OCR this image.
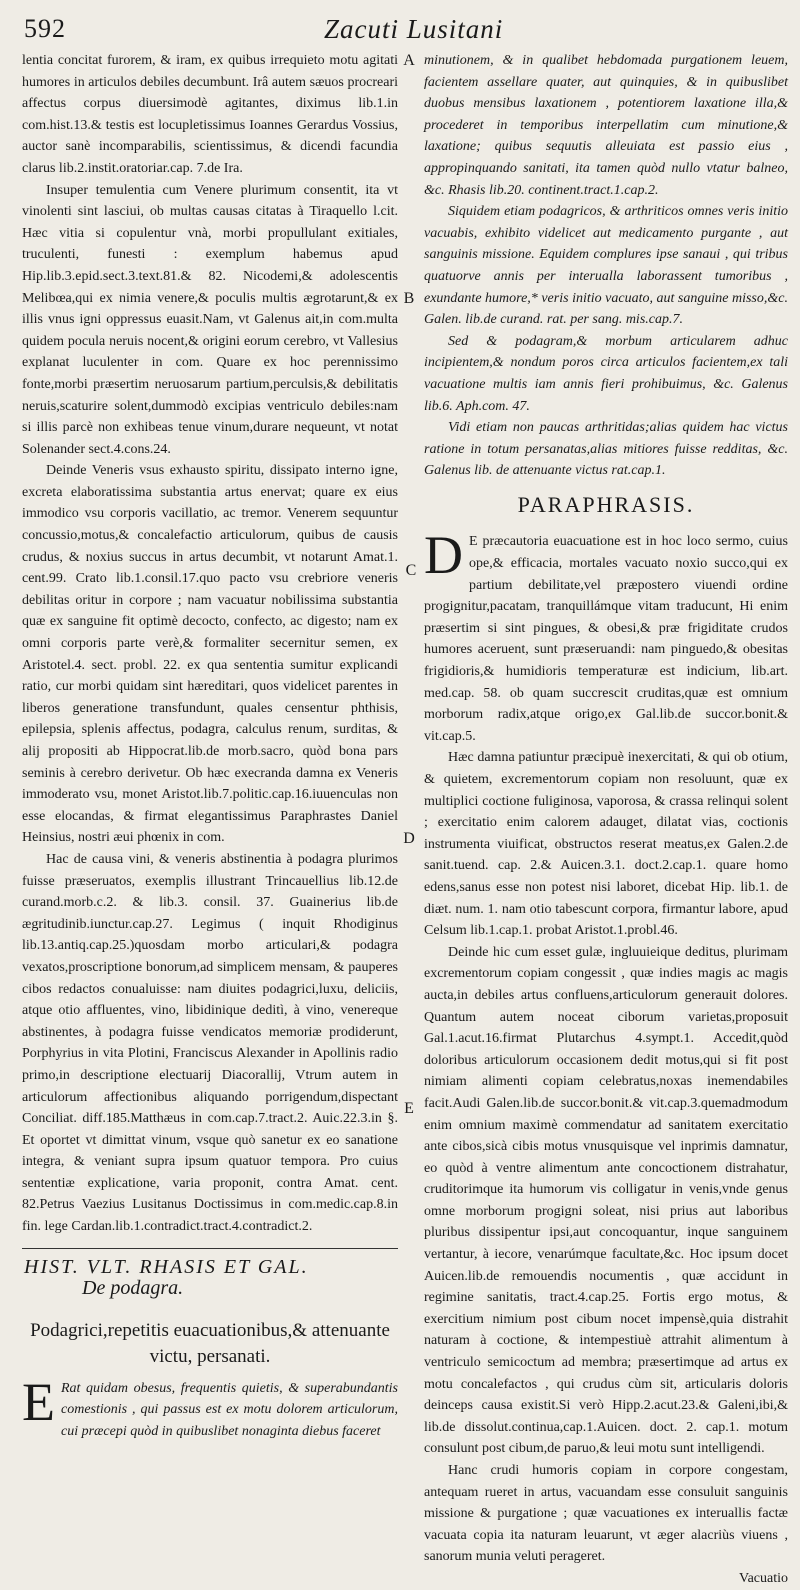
592	Zacuti Lusitani
A
B
C
D
E

lentia concitat furorem, & iram, ex quibus irrequieto motu agitati humores in articulos debiles decumbunt. Irâ autem sæuos procreari affectus corpus diuersimodè agitantes, diximus lib.1.in com.hist.13.& testis est locupletissimus Ioannes Gerardus Vossius, auctor sanè incomparabilis, scientissimus, & dicendi facundia clarus lib.2.instit.oratoriar.cap. 7.de Ira.

Insuper temulentia cum Venere plurimum consentit, ita vt vinolenti sint lasciui, ob multas causas citatas à Tiraquello l.cit. Hæc vitia si copulentur vnà, morbi propullulant exitiales, truculenti, funesti : exemplum habemus apud Hip.lib.3.epid.sect.3.text.81.& 82. Nicodemi,& adolescentis Melibœa,qui ex nimia venere,& poculis multis ægrotarunt,& ex illis vnus igni oppressus euasit.Nam, vt Galenus ait,in com.multa quidem pocula neruis nocent,& origini eorum cerebro, vt Vallesius explanat luculenter in com. Quare ex hoc perennissimo fonte,morbi præsertim neruosarum partium,perculsis,& debilitatis neruis,scaturire solent,dummodò excipias ventriculo debiles:nam si illis parcè non exhibeas tenue vinum,durare nequeunt, vt notat Solenander sect.4.cons.24.

Deinde Veneris vsus exhausto spiritu, dissipato interno igne, excreta elaboratissima substantia artus enervat; quare ex eius immodico vsu corporis vacillatio, ac tremor. Venerem sequuntur concussio,motus,& concalefactio articulorum, quibus de causis crudus, & noxius succus in artus decumbit, vt notarunt Amat.1. cent.99. Crato lib.1.consil.17.quo pacto vsu crebriore veneris debilitas oritur in corpore ; nam vacuatur nobilissima substantia quæ ex sanguine fit optimè decocto, confecto, ac digesto; nam ex omni corporis parte verè,& formaliter secernitur semen, ex Aristotel.4. sect. probl. 22. ex qua sententia sumitur explicandi ratio, cur morbi quidam sint hæreditari, quos videlicet parentes in liberos generatione transfundunt, quales censentur phthisis, epilepsia, splenis affectus, podagra, calculus renum, surditas, & alij propositi ab Hippocrat.lib.de morb.sacro, quòd bona pars seminis à cerebro derivetur. Ob hæc execranda damna ex Veneris immoderato vsu, monet Aristot.lib.7.politic.cap.16.iuuenculas non esse elocandas, & firmat elegantissimus Paraphrastes Daniel Heinsius, nostri æui phœnix in com.

Hac de causa vini, & veneris abstinentia à podagra plurimos fuisse præseruatos, exemplis illustrant Trincauellius lib.12.de curand.morb.c.2. & lib.3. consil. 37. Guainerius lib.de ægritudinib.iunctur.cap.27. Legimus ( inquit Rhodiginus lib.13.antiq.cap.25.)quosdam morbo articulari,& podagra vexatos,proscriptione bonorum,ad simplicem mensam, & pauperes cibos redactos conualuisse: nam diuites podagrici,luxu, deliciis, atque otio affluentes, vino, libidinique deditì, à vino, venereque abstinentes, à podagra fuisse vendicatos memoriæ prodiderunt, Porphyrius in vita Plotini, Franciscus Alexander in Apollinis radio primo,in descriptione electuarij Diacorallij, Vtrum autem in articulorum affectionibus aliquando porrigendum,dispectant Conciliat. diff.185.Matthæus in com.cap.7.tract.2. Auic.22.3.in §. Et oportet vt dimittat vinum, vsque quò sanetur ex eo sanatione integra, & veniant supra ipsum quatuor tempora. Pro cuius sententiæ explicatione, varia proponit, contra Amat. cent. 82.Petrus Vaezius Lusitanus Doctissimus in com.medic.cap.8.in fin. lege Cardan.lib.1.contradict.tract.4.contradict.2.

HIST. VLT. RHASIS ET GAL.
De podagra.
Podagrici,repetitis euacuationibus,& attenuante victu, persanati.
E Rat quidam obesus, frequentis quietis, & superabundantis comestionis , qui passus est ex motu dolorem articulorum, cui præcepi quòd in quibuslibet nonaginta diebus faceret

minutionem, & in qualibet hebdomada purgationem leuem, facientem assellare quater, aut quinquies, & in quibuslibet duobus mensibus laxationem , potentiorem laxatione illa,& procederet in temporibus interpellatim cum minutione,& laxatione; quibus sequutis alleuiata est passio eius , appropinquando sanitati, ita tamen quòd nullo vtatur balneo, &c. Rhasis lib.20. continent.tract.1.cap.2.

Siquidem etiam podagricos, & arthriticos omnes veris initio vacuabis, exhibito videlicet aut medicamento purgante , aut sanguinis missione. Equidem complures ipse sanaui , qui tribus quatuorve annis per interualla laborassent tumoribus , exundante humore,* veris initio vacuato, aut sanguine misso,&c. Galen. lib.de curand. rat. per sang. mis.cap.7.

Sed & podagram,& morbum articularem adhuc incipientem,& nondum poros circa articulos facientem,ex tali vacuatione multis iam annis fieri prohibuimus, &c. Galenus lib.6. Aph.com. 47.

Vidi etiam non paucas arthritidas;alias quidem hac victus ratione in totum persanatas,alias mitiores fuisse redditas, &c. Galenus lib. de attenuante victus rat.cap.1.

PARAPHRASIS.
D E præcautoria euacuatione est in hoc loco sermo, cuius ope,& efficacia, mortales vacuato noxio succo,qui ex partium debilitate,vel præpostero viuendi ordine progignitur,pacatam, tranquillámque vitam traducunt, Hi enim præsertim si sint pingues, & obesi,& præ frigiditate crudos humores aceruent, sunt præseruandi: nam pinguedo,& obesitas frigidioris,& humidioris temperaturæ est indicium, lib.art. med.cap. 58. ob quam succrescit cruditas,quæ est omnium morborum radix,atque origo,ex Gal.lib.de succor.bonit.& vit.cap.5.

Hæc damna patiuntur præcipuè inexercitati, & qui ob otium, & quietem, excrementorum copiam non resoluunt, quæ ex multiplici coctione fuliginosa, vaporosa, & crassa relinqui solent ; exercitatio enim calorem adauget, dilatat vias, coctionis instrumenta viuificat, obstructos reserat meatus,ex Galen.2.de sanit.tuend. cap. 2.& Auicen.3.1. doct.2.cap.1. quare homo edens,sanus esse non potest nisi laboret, dicebat Hip. lib.1. de diæt. num. 1. nam otio tabescunt corpora, firmantur labore, apud Celsum lib.1.cap.1. probat Aristot.1.probl.46.

Deinde hic cum esset gulæ, ingluuieique deditus, plurimam excrementorum copiam congessit , quæ indies magis ac magis aucta,in debiles artus confluens,articulorum generauit dolores. Quantum autem noceat ciborum varietas,proposuit Gal.1.acut.16.firmat Plutarchus 4.sympt.1. Accedit,quòd doloribus articulorum occasionem dedit motus,qui si fit post nimiam alimenti copiam celebratus,noxas inemendabiles facit.Audi Galen.lib.de succor.bonit.& vit.cap.3.quemadmodum enim omnium maximè commendatur ad sanitatem exercitatio ante cibos,sicà cibis motus vnusquisque vel inprimis damnatur, eo quòd à ventre alimentum ante concoctionem distrahatur, cruditorimque ita humorum vis colligatur in venis,vnde genus omne morborum progigni soleat, nisi prius aut laboribus pluribus dissipentur ipsi,aut concoquantur, inque sanguinem vertantur, à iecore, venarúmque facultate,&c. Hoc ipsum docet Auicen.lib.de remouendis nocumentis , quæ accidunt in regimine sanitatis, tract.4.cap.25. Fortis ergo motus, & exercitium nimium post cibum nocet impensè,quia distrahit naturam à coctione, & intempestiuè attrahit alimentum à ventriculo semicoctum ad membra; præsertimque ad artus ex motu concalefactos , qui crudus cùm sit, articularis doloris deinceps causa existit.Si verò Hipp.2.acut.23.& Galeni,ibi,& lib.de dissolut.continua,cap.1.Auicen. doct. 2. cap.1. motum consulunt post cibum,de paruo,& leui motu sunt intelligendi.

Hanc crudi humoris copiam in corpore congestam, antequam rueret in artus, vacuandam esse consuluit sanguinis missione & purgatione ; quæ vacuationes ex interuallis factæ vacuata copia ita naturam leuarunt, vt æger alacriùs viuens , sanorum munia veluti perageret.

Vacuatio
